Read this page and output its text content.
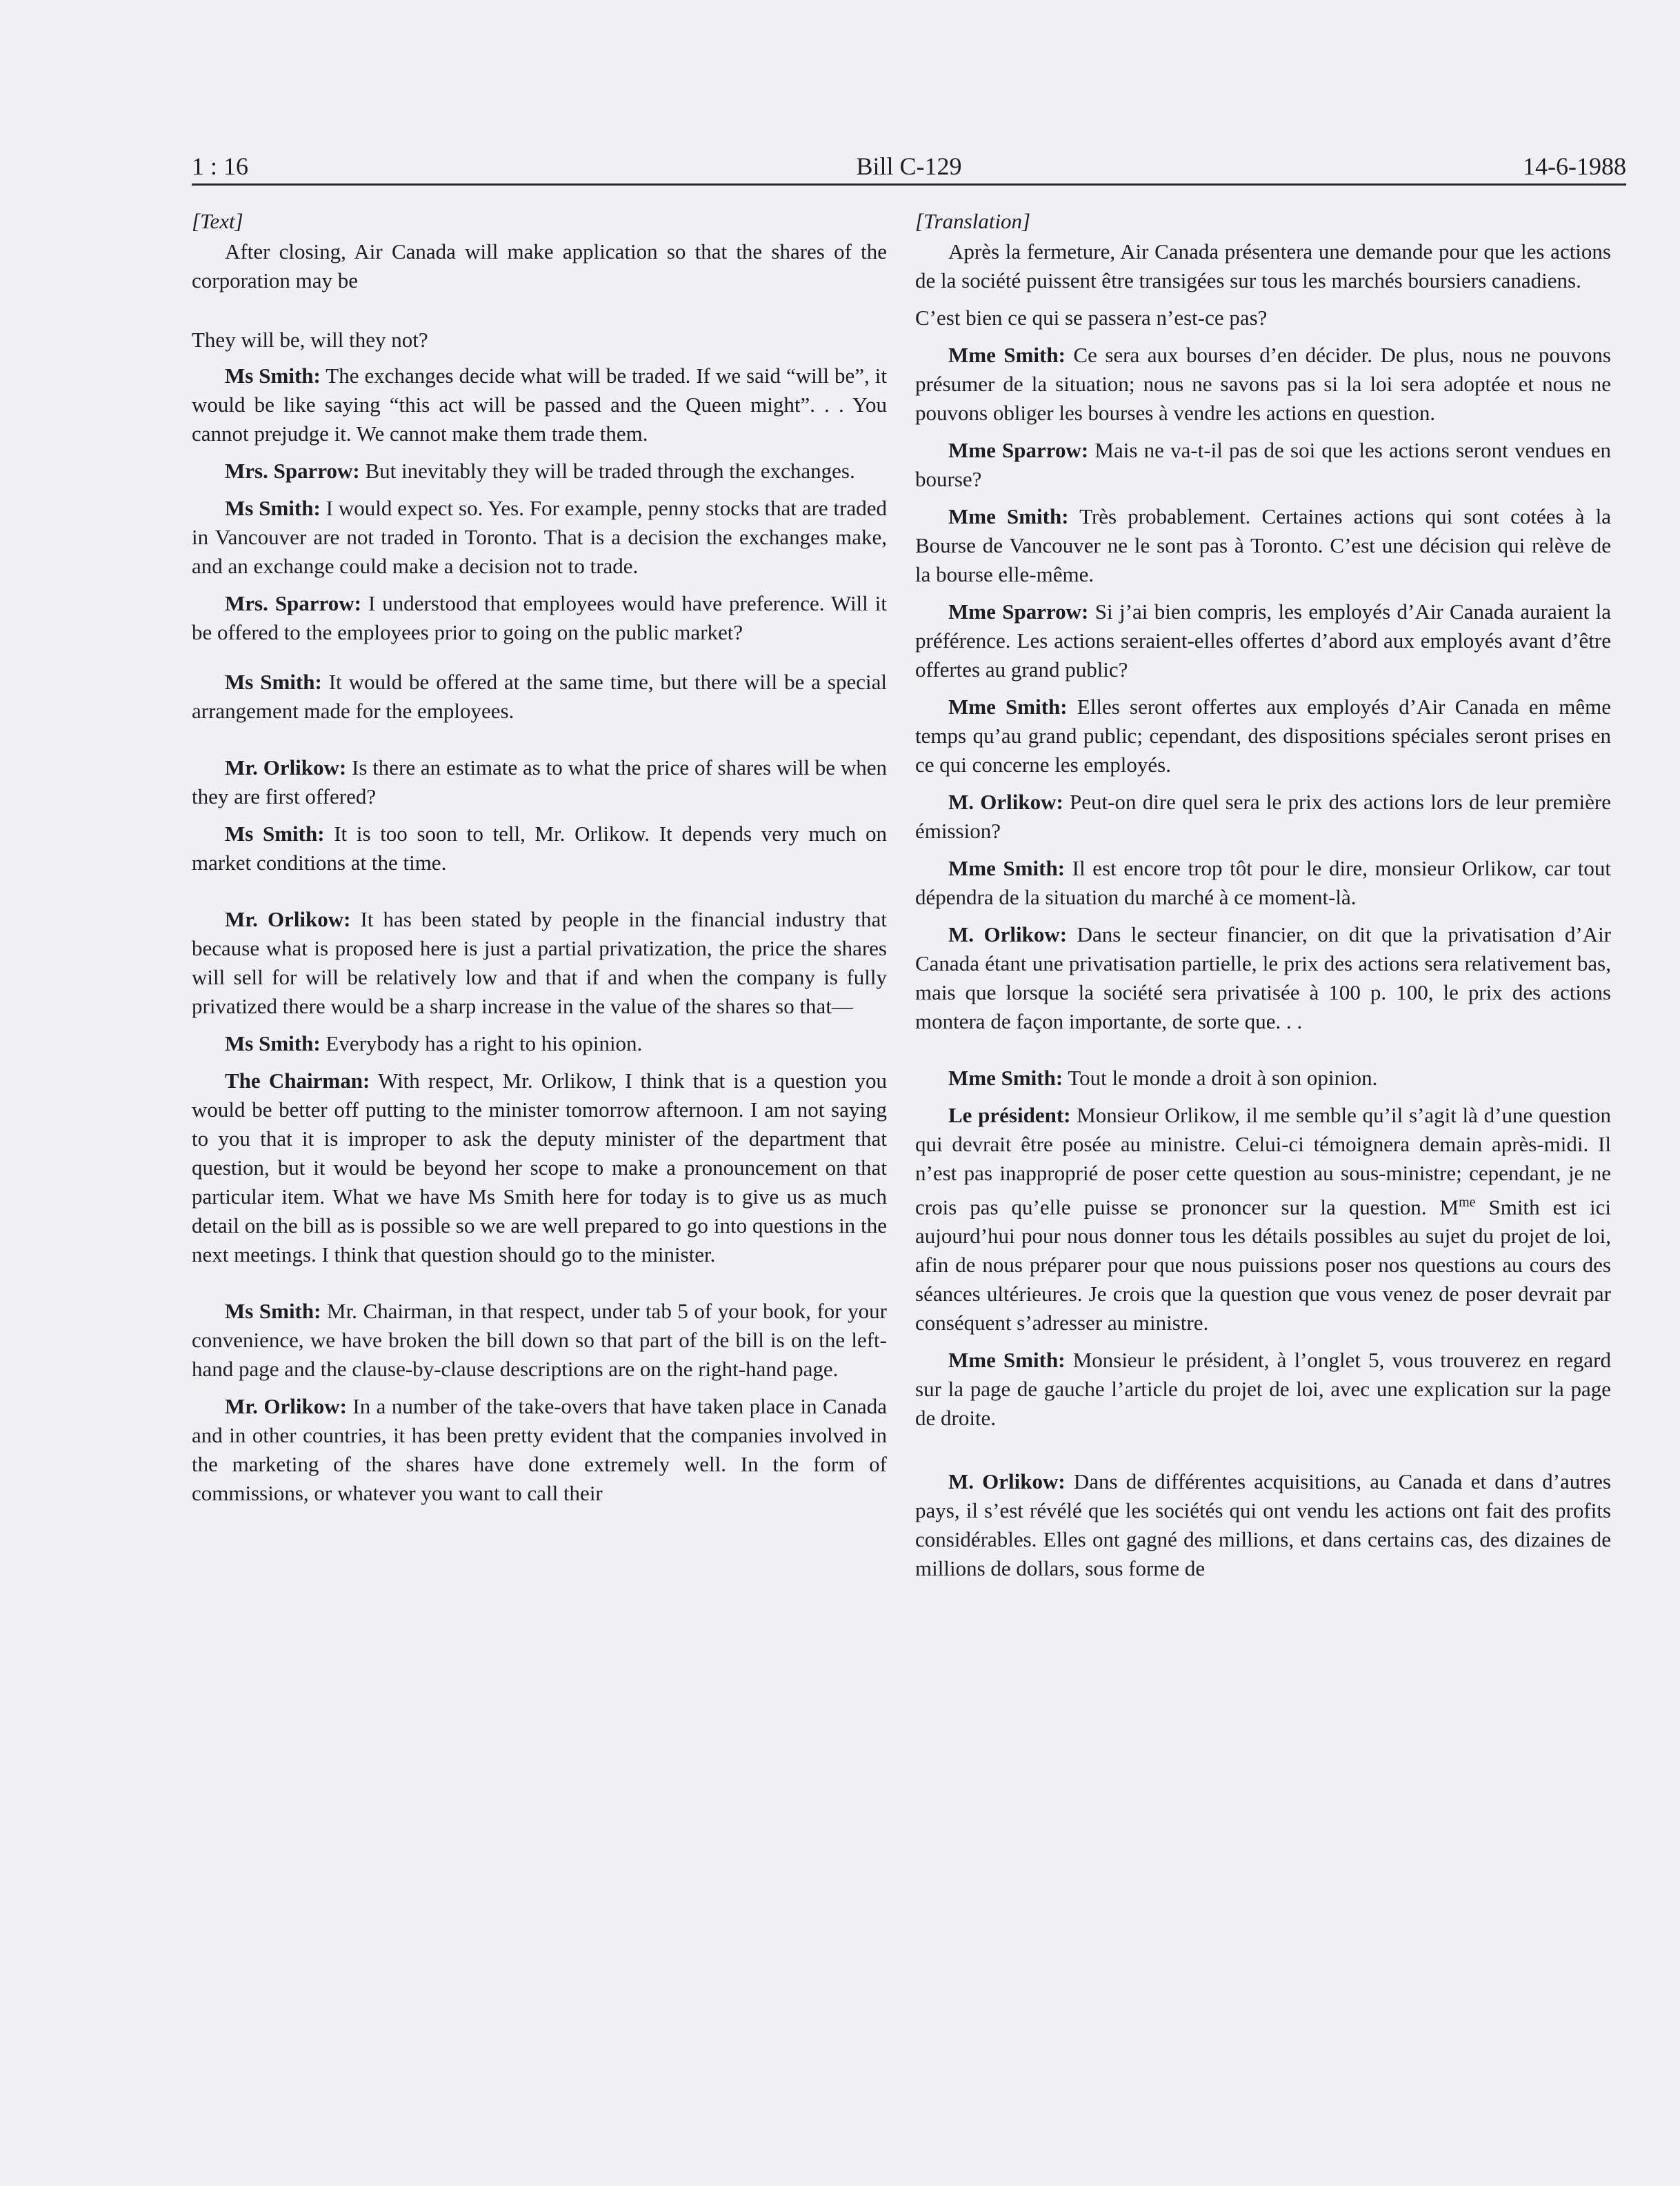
1 : 16	Bill C-129	14-6-1988
[Text]

After closing, Air Canada will make application so that the shares of the corporation may be

They will be, will they not?

Ms Smith: The exchanges decide what will be traded. If we said “will be”, it would be like saying “this act will be passed and the Queen might”. . . You cannot prejudge it. We cannot make them trade them.

Mrs. Sparrow: But inevitably they will be traded through the exchanges.

Ms Smith: I would expect so. Yes. For example, penny stocks that are traded in Vancouver are not traded in Toronto. That is a decision the exchanges make, and an exchange could make a decision not to trade.

Mrs. Sparrow: I understood that employees would have preference. Will it be offered to the employees prior to going on the public market?

Ms Smith: It would be offered at the same time, but there will be a special arrangement made for the employees.

Mr. Orlikow: Is there an estimate as to what the price of shares will be when they are first offered?

Ms Smith: It is too soon to tell, Mr. Orlikow. It depends very much on market conditions at the time.

Mr. Orlikow: It has been stated by people in the financial industry that because what is proposed here is just a partial privatization, the price the shares will sell for will be relatively low and that if and when the company is fully privatized there would be a sharp increase in the value of the shares so that—

Ms Smith: Everybody has a right to his opinion.

The Chairman: With respect, Mr. Orlikow, I think that is a question you would be better off putting to the minister tomorrow afternoon. I am not saying to you that it is improper to ask the deputy minister of the department that question, but it would be beyond her scope to make a pronouncement on that particular item. What we have Ms Smith here for today is to give us as much detail on the bill as is possible so we are well prepared to go into questions in the next meetings. I think that question should go to the minister.

Ms Smith: Mr. Chairman, in that respect, under tab 5 of your book, for your convenience, we have broken the bill down so that part of the bill is on the left-hand page and the clause-by-clause descriptions are on the right-hand page.

Mr. Orlikow: In a number of the take-overs that have taken place in Canada and in other countries, it has been pretty evident that the companies involved in the marketing of the shares have done extremely well. In the form of commissions, or whatever you want to call their

[Translation]

Après la fermeture, Air Canada présentera une demande pour que les actions de la société puissent être transigées sur tous les marchés boursiers canadiens.

C’est bien ce qui se passera n’est-ce pas?

Mme Smith: Ce sera aux bourses d’en décider. De plus, nous ne pouvons présumer de la situation; nous ne savons pas si la loi sera adoptée et nous ne pouvons obliger les bourses à vendre les actions en question.

Mme Sparrow: Mais ne va-t-il pas de soi que les actions seront vendues en bourse?

Mme Smith: Très probablement. Certaines actions qui sont cotées à la Bourse de Vancouver ne le sont pas à Toronto. C’est une décision qui relève de la bourse elle-même.

Mme Sparrow: Si j’ai bien compris, les employés d’Air Canada auraient la préférence. Les actions seraient-elles offertes d’abord aux employés avant d’être offertes au grand public?

Mme Smith: Elles seront offertes aux employés d’Air Canada en même temps qu’au grand public; cependant, des dispositions spéciales seront prises en ce qui concerne les employés.

M. Orlikow: Peut-on dire quel sera le prix des actions lors de leur première émission?

Mme Smith: Il est encore trop tôt pour le dire, monsieur Orlikow, car tout dépendra de la situation du marché à ce moment-là.

M. Orlikow: Dans le secteur financier, on dit que la privatisation d’Air Canada étant une privatisation partielle, le prix des actions sera relativement bas, mais que lorsque la société sera privatisée à 100 p. 100, le prix des actions montera de façon importante, de sorte que. . .

Mme Smith: Tout le monde a droit à son opinion.

Le président: Monsieur Orlikow, il me semble qu’il s’agit là d’une question qui devrait être posée au ministre. Celui-ci témoignera demain après-midi. Il n’est pas inapproprié de poser cette question au sous-ministre; cependant, je ne crois pas qu’elle puisse se prononcer sur la question. $M^{me}$ Smith est ici aujourd’hui pour nous donner tous les détails possibles au sujet du projet de loi, afin de nous préparer pour que nous puissions poser nos questions au cours des séances ultérieures. Je crois que la question que vous venez de poser devrait par conséquent s’adresser au ministre.

Mme Smith: Monsieur le président, à l’onglet 5, vous trouverez en regard sur la page de gauche l’article du projet de loi, avec une explication sur la page de droite.

M. Orlikow: Dans de différentes acquisitions, au Canada et dans d’autres pays, il s’est révélé que les sociétés qui ont vendu les actions ont fait des profits considérables. Elles ont gagné des millions, et dans certains cas, des dizaines de millions de dollars, sous forme de
